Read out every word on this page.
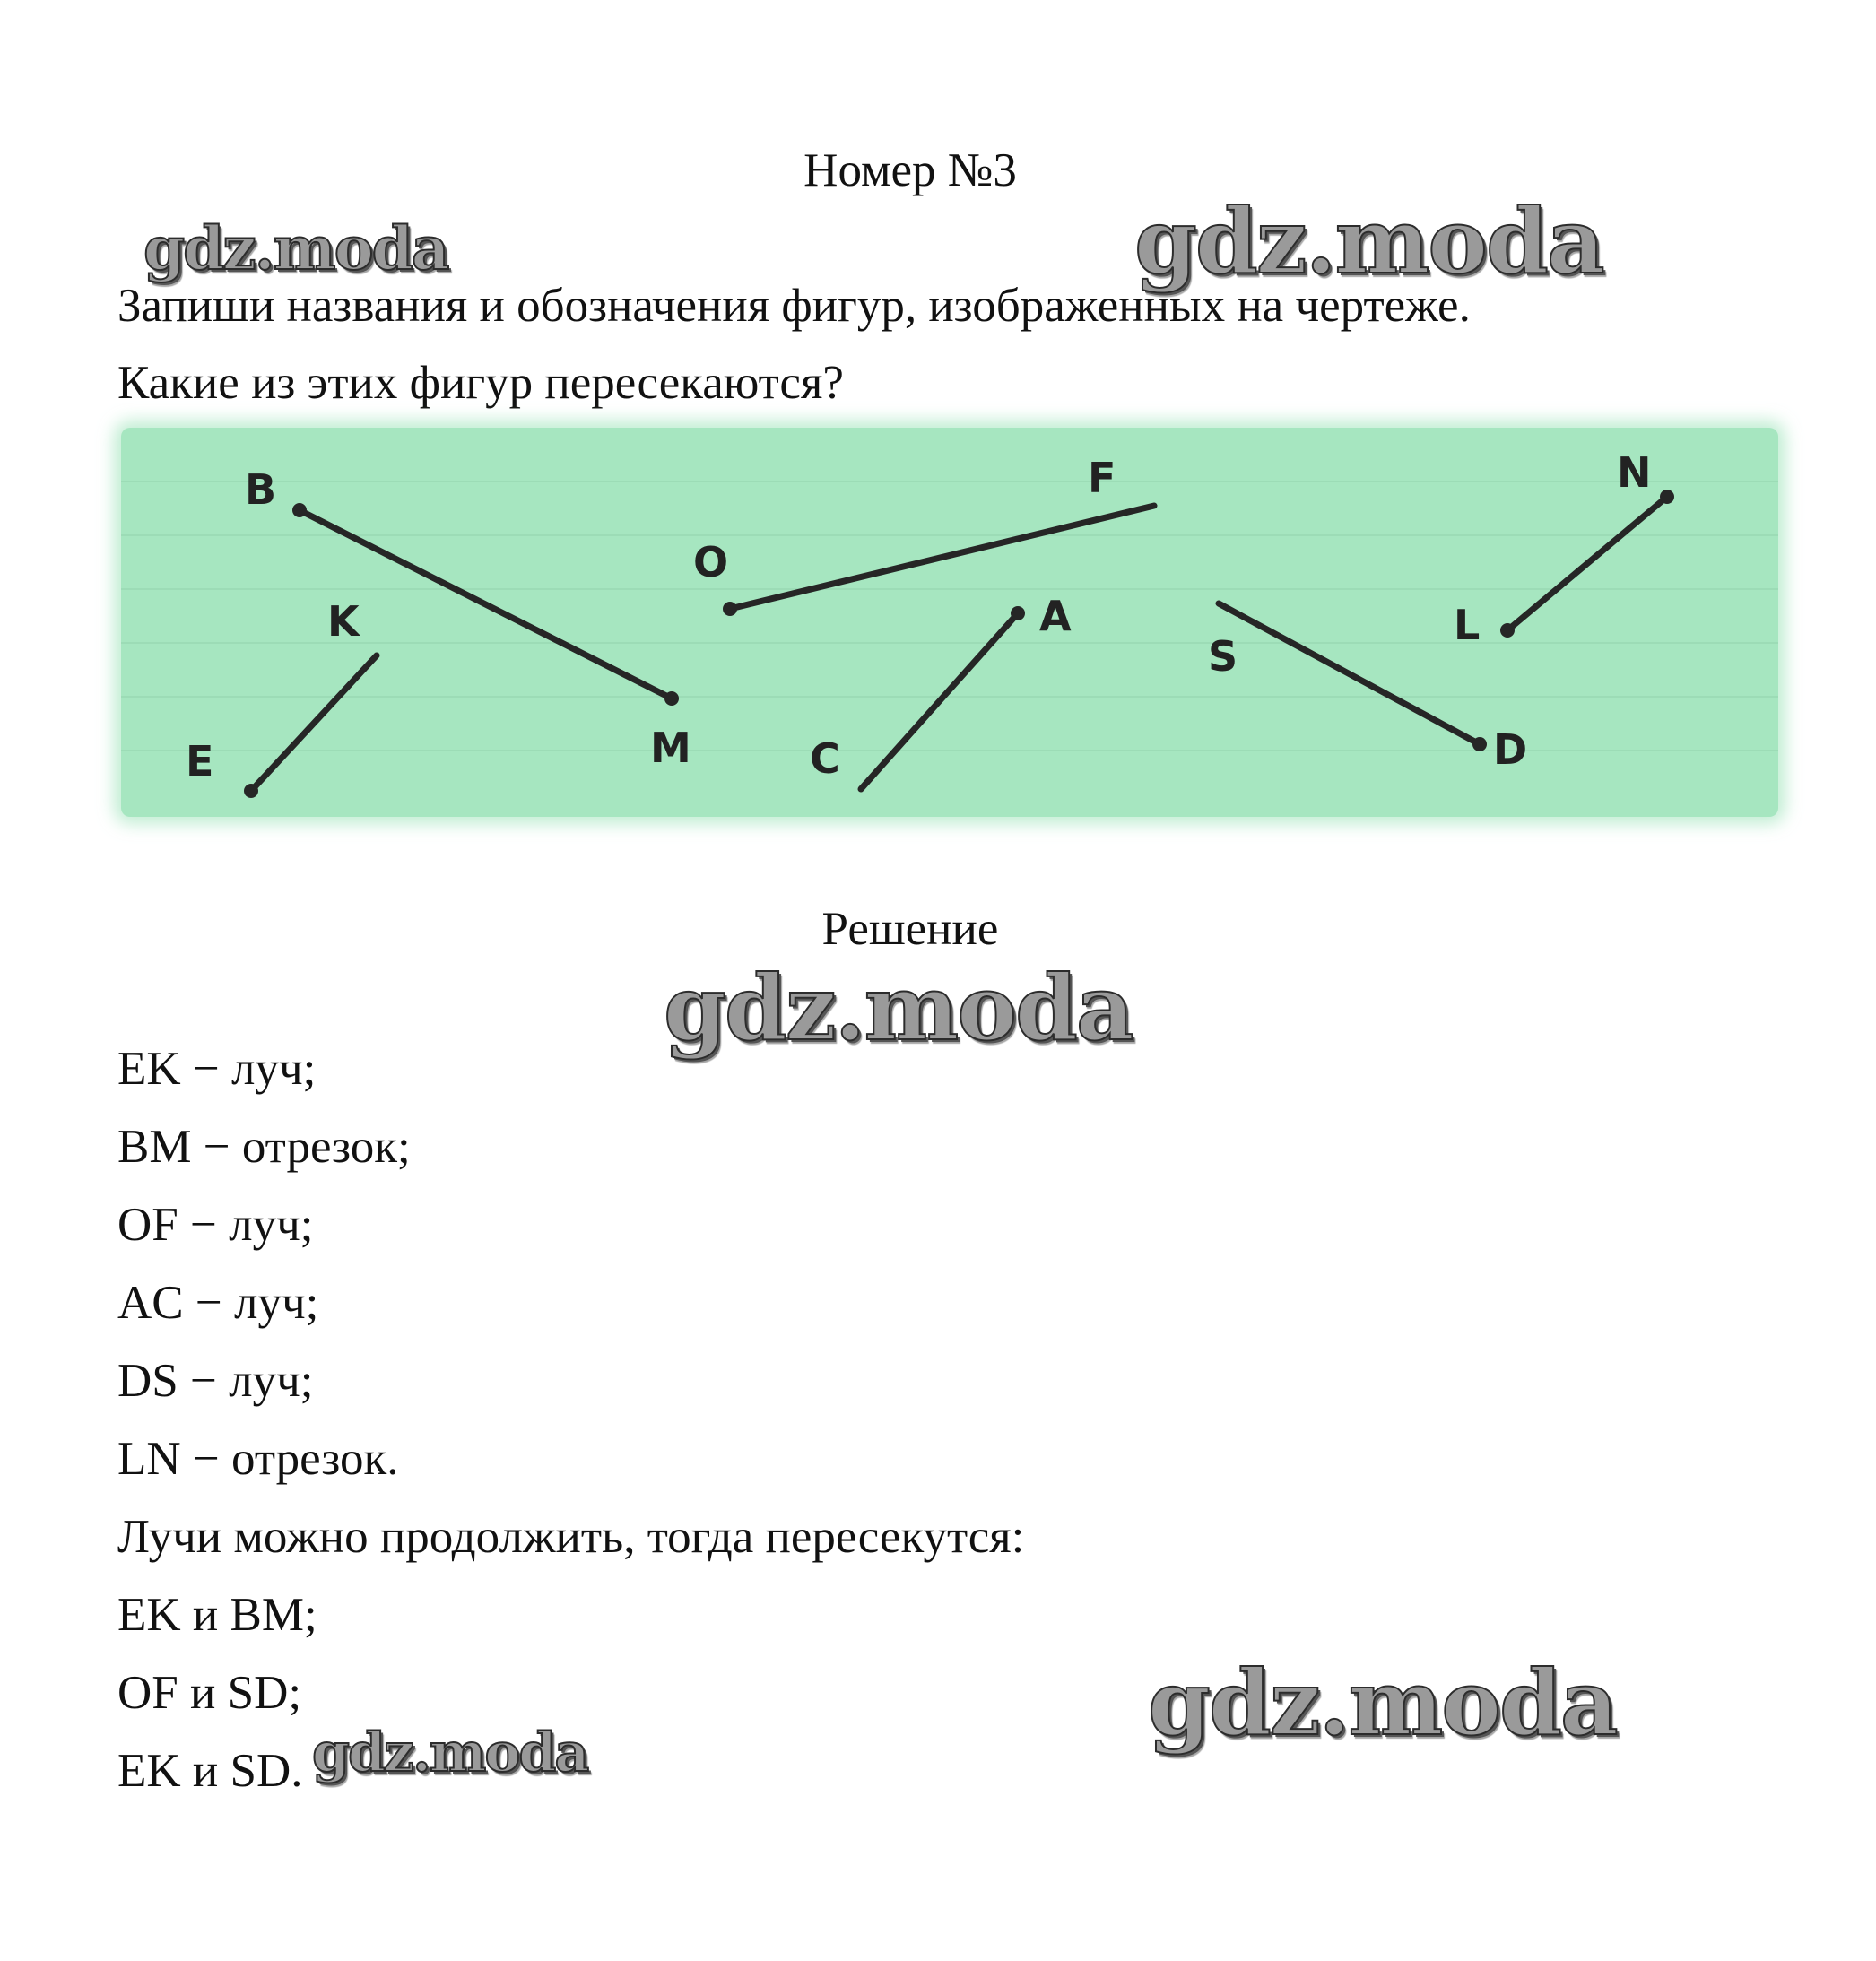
Номер №3
gdz.moda	gdz.moda
Запиши названия и обозначения фигур, изображенных на чертеже.
Какие из этих фигур пересекаются?
B
M
K
E
O
F
A
C
S
D
N
L
Решение
gdz.moda
EK − луч;
BM − отрезок;
OF − луч;
AC − луч;
DS − луч;
LN − отрезок.
Лучи можно продолжить, тогда пересекутся:
EK и BM;
OF и SD;
EK и SD.
gdz.moda
gdz.moda
